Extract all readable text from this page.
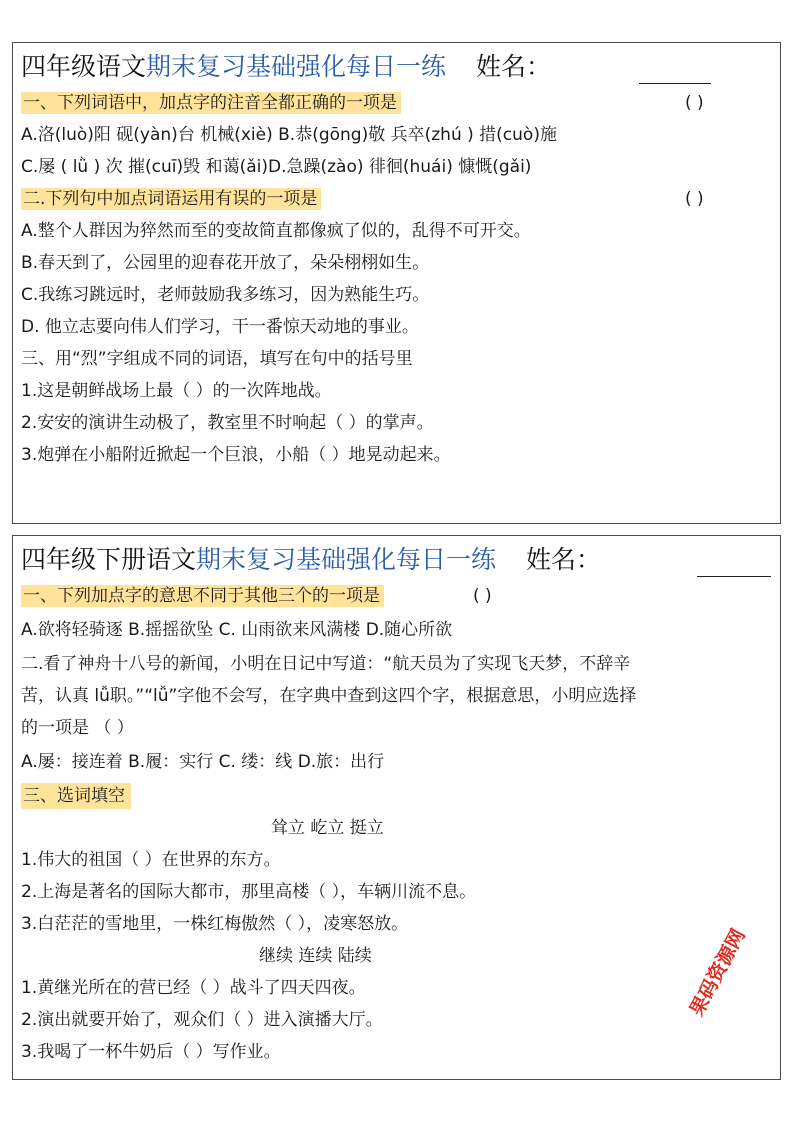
四年级语文期末复习基础强化每日一练 姓名：
一、下列词语中，加点字的注音全都正确的一项是	( )
A.洛(luò)阳 砚(yàn)台 机械(xiè) B.恭(gōng)敬 兵卒(zhú ) 措(cuò)施
C.屡 ( lǜ ) 次 摧(cuī)毁 和蔼(ǎi)D.急躁(zào) 徘徊(huái) 慷慨(gǎi)
二.下列句中加点词语运用有误的一项是	( )
A.整个人群因为猝然而至的变故简直都像疯了似的，乱得不可开交。
B.春天到了，公园里的迎春花开放了，朵朵栩栩如生。
C.我练习跳远时，老师鼓励我多练习，因为熟能生巧。
D. 他立志要向伟人们学习，干一番惊天动地的事业。
三、用“烈”字组成不同的词语，填写在句中的括号里
1.这是朝鲜战场上最（ ）的一次阵地战。
2.安安的演讲生动极了，教室里不时响起（ ）的掌声。
3.炮弹在小船附近掀起一个巨浪，小船（ ）地晃动起来。
四年级下册语文期末复习基础强化每日一练 姓名：
一、下列加点字的意思不同于其他三个的一项是	( )
A.欲将轻骑逐 B.摇摇欲坠 C. 山雨欲来风满楼 D.随心所欲
二.看了神舟十八号的新闻，小明在日记中写道：“航天员为了实现飞天梦，不辞辛
苦，认真 lǚ职。”“lǚ”字他不会写，在字典中查到这四个字，根据意思，小明应选择
的一项是 （ ）
A.屡：接连着 B.履：实行 C. 缕：线 D.旅：出行
三、选词填空
耸立 屹立 挺立
1.伟大的祖国（ ）在世界的东方。
2.上海是著名的国际大都市，那里高楼（ ），车辆川流不息。
3.白茫茫的雪地里，一株红梅傲然（ ），凌寒怒放。
继续 连续 陆续
1.黄继光所在的营已经（ ）战斗了四天四夜。
2.演出就要开始了，观众们（ ）进入演播大厅。
3.我喝了一杯牛奶后（ ）写作业。
果码资源网
